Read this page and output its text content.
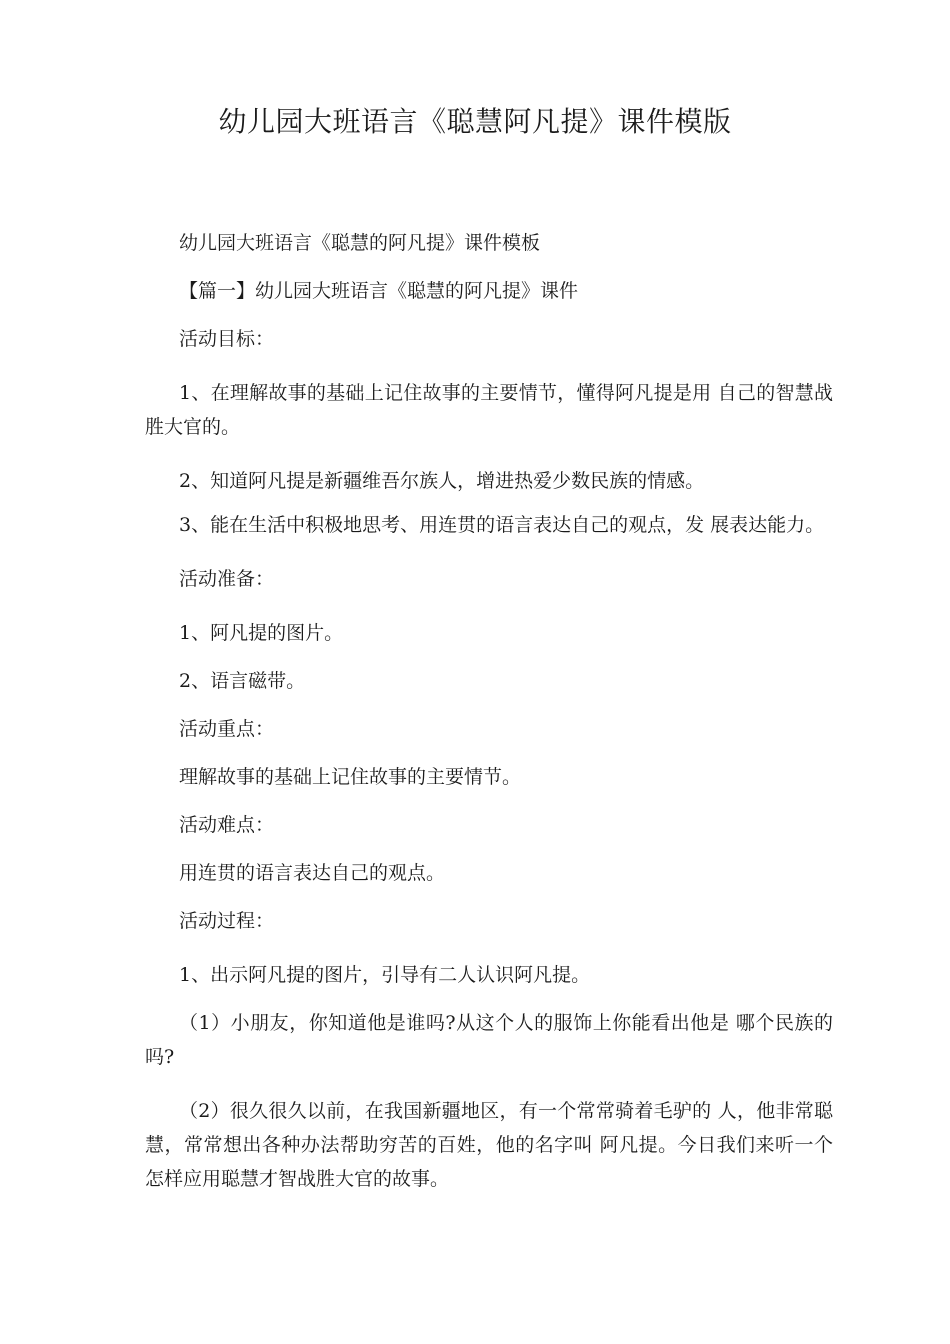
幼儿园大班语言《聪慧阿凡提》课件模版

幼儿园大班语言《聪慧的阿凡提》课件模板

【篇一】幼儿园大班语言《聪慧的阿凡提》课件

活动目标：

1、在理解故事的基础上记住故事的主要情节，懂得阿凡提是用 自己的智慧战胜大官的。

2、知道阿凡提是新疆维吾尔族人，增进热爱少数民族的情感。

3、能在生活中积极地思考、用连贯的语言表达自己的观点，发 展表达能力。

活动准备：

1、阿凡提的图片。

2、语言磁带。

活动重点：

理解故事的基础上记住故事的主要情节。

活动难点：

用连贯的语言表达自己的观点。

活动过程：

1、出示阿凡提的图片，引导有二人认识阿凡提。

（1）小朋友，你知道他是谁吗?从这个人的服饰上你能看出他是 哪个民族的吗?

（2）很久很久以前，在我国新疆地区，有一个常常骑着毛驴的 人，他非常聪慧，常常想出各种办法帮助穷苦的百姓，他的名字叫 阿凡提。今日我们来听一个怎样应用聪慧才智战胜大官的故事。
